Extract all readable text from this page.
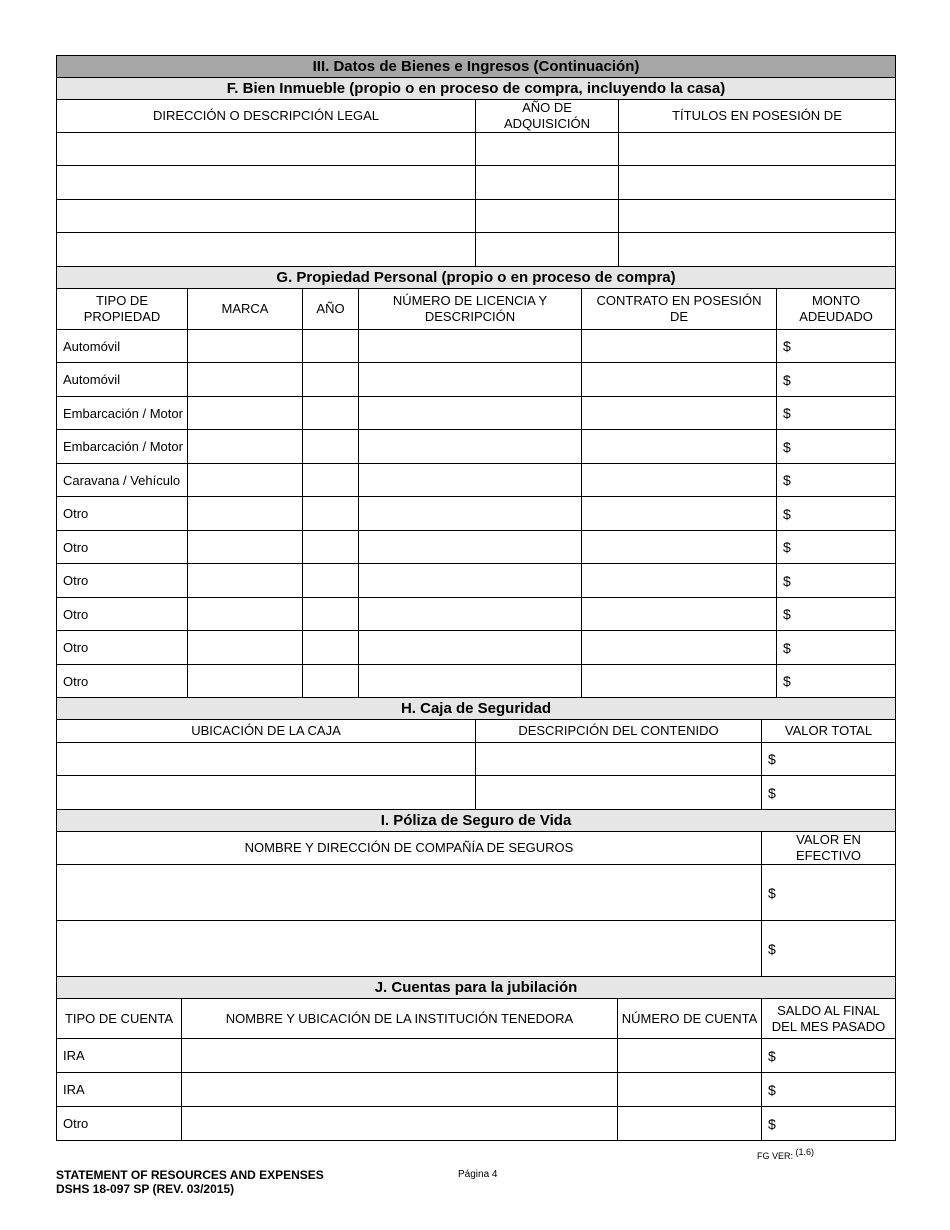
III. Datos de Bienes e Ingresos (Continuación)		
F. Bien Inmueble (propio o en proceso de compra, incluyendo la casa)		
DIRECCIÓN O DESCRIPCIÓN LEGAL	AÑO DE ADQUISICIÓN	TÍTULOS EN POSESIÓN DE

G. Propiedad Personal (propio o en proceso de compra)					
TIPO DE PROPIEDAD	MARCA	AÑO	NÚMERO DE LICENCIA Y DESCRIPCIÓN	CONTRATO EN POSESIÓN DE	MONTO ADEUDADO
Automóvil					$
Automóvil					$
Embarcación / Motor					$
Embarcación / Motor					$
Caravana / Vehículo					$
Otro					$
Otro					$
Otro					$
Otro					$
Otro					$
Otro					$
H. Caja de Seguridad		
UBICACIÓN DE LA CAJA	DESCRIPCIÓN DEL CONTENIDO	VALOR TOTAL
		$
		$
I. Póliza de Seguro de Vida	
NOMBRE Y DIRECCIÓN DE COMPAÑÍA DE SEGUROS	VALOR EN EFECTIVO
	$
	$
J. Cuentas para la jubilación			
TIPO DE CUENTA	NOMBRE Y UBICACIÓN DE LA INSTITUCIÓN TENEDORA	NÚMERO DE CUENTA	SALDO AL FINAL DEL MES PASADO
IRA			$
IRA			$
Otro			$
STATEMENT OF RESOURCES AND EXPENSES
DSHS 18-097 SP (REV. 03/2015)
Página 4
FG VER: (1.6)
